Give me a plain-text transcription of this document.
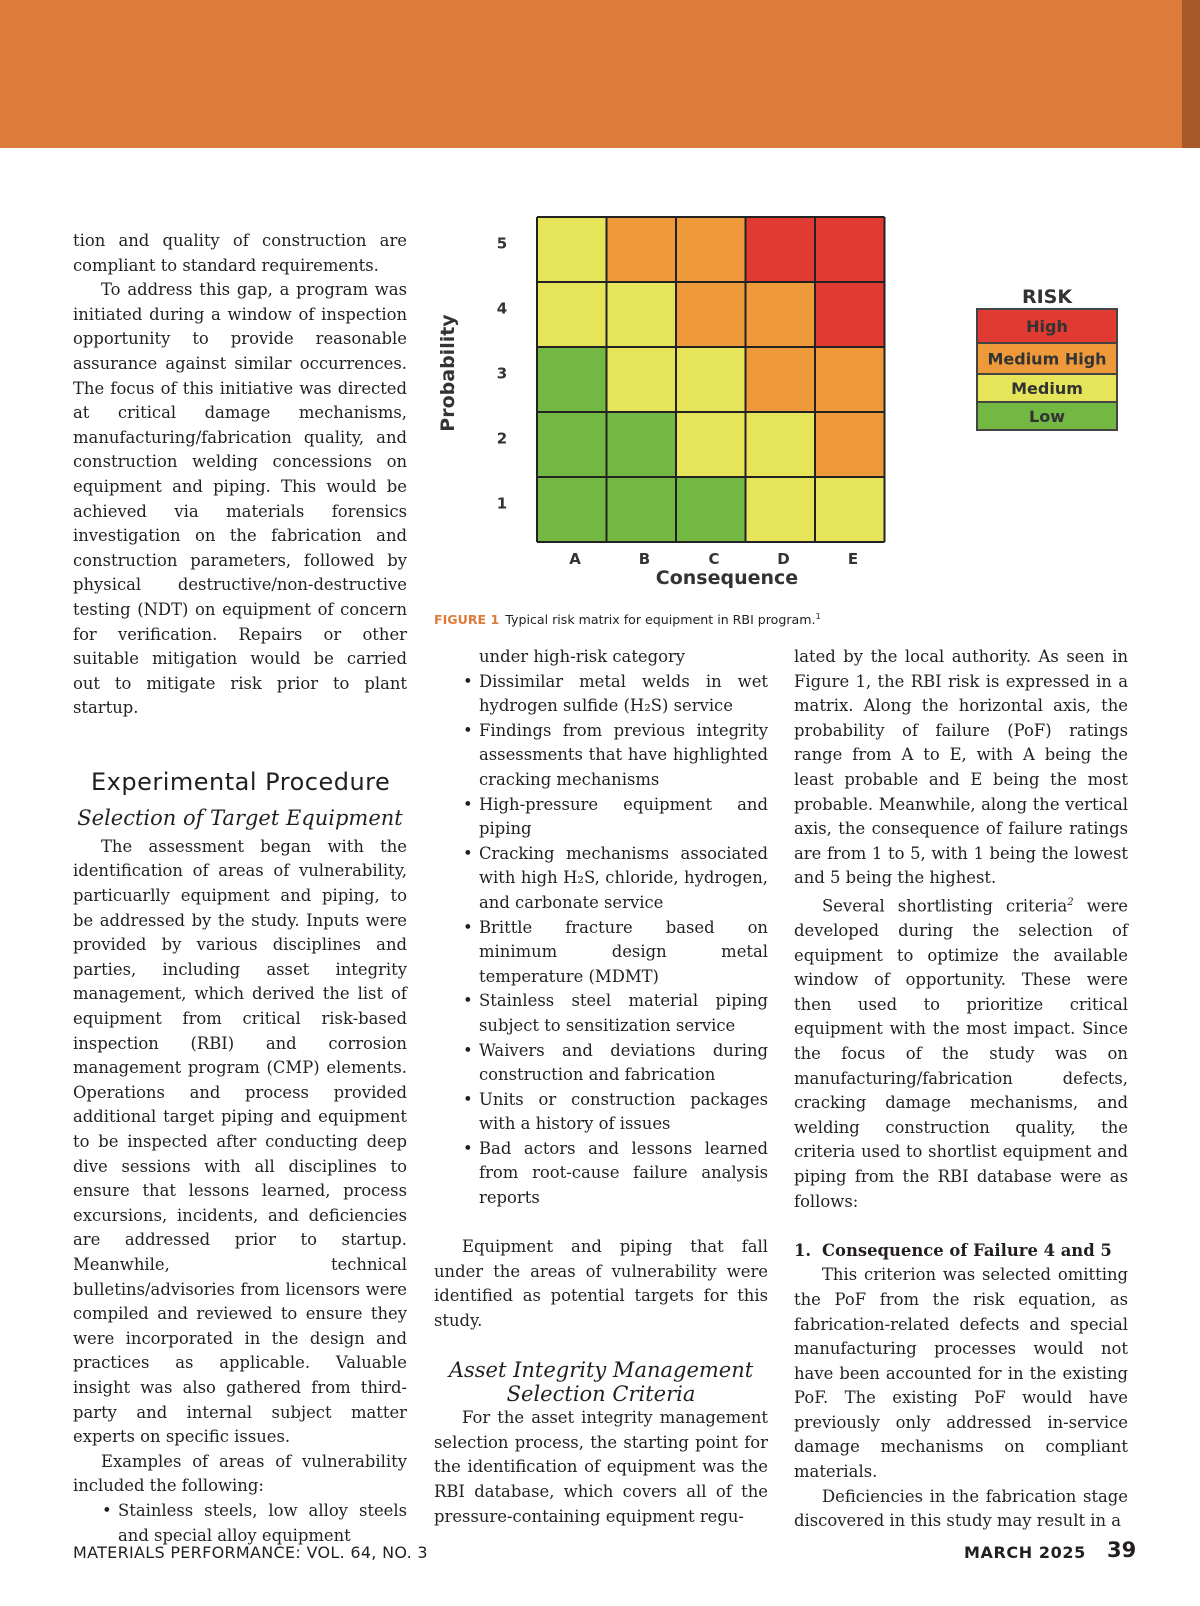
tion and quality of construction are compliant to standard requirements.

To address this gap, a program was initiated during a window of inspection opportunity to provide reasonable assurance against similar occurrences. The focus of this initiative was directed at critical damage mechanisms, manufacturing/fabrication quality, and construction welding concessions on equipment and piping. This would be achieved via materials forensics investigation on the fabrication and construction parameters, followed by physical destructive/non-destructive testing (NDT) on equipment of concern for verification. Repairs or other suitable mitigation would be carried out to mitigate risk prior to plant startup.

Experimental Procedure
Selection of Target Equipment

The assessment began with the identification of areas of vulnerability, particuarlly equipment and piping, to be addressed by the study. Inputs were provided by various disciplines and parties, including asset integrity management, which derived the list of equipment from critical risk-based inspection (RBI) and corrosion management program (CMP) elements. Operations and process provided additional target piping and equipment to be inspected after conducting deep dive sessions with all disciplines to ensure that lessons learned, process excursions, incidents, and deficiencies are addressed prior to startup. Meanwhile, technical bulletins/advisories from licensors were compiled and reviewed to ensure they were incorporated in the design and practices as applicable. Valuable insight was also gathered from third-party and internal subject matter experts on specific issues.

Examples of areas of vulnerability included the following:

• Stainless steels, low alloy steels and special alloy equipment
1
2
3
4
5
A	B	C	D	E
Probability
Consequence
RISK
High
Medium High
Medium
Low
FIGURE 1 Typical risk matrix for equipment in RBI program.$^1$
under high-risk category
• Dissimilar metal welds in wet hydrogen sulfide (H₂S) service
• Findings from previous integrity assessments that have highlighted cracking mechanisms
• High-pressure equipment and piping
• Cracking mechanisms associated with high H₂S, chloride, hydrogen, and carbonate service
• Brittle fracture based on minimum design metal temperature (MDMT)
• Stainless steel material piping subject to sensitization service
• Waivers and deviations during construction and fabrication
• Units or construction packages with a history of issues
• Bad actors and lessons learned from root-cause failure analysis reports

Equipment and piping that fall under the areas of vulnerability were identified as potential targets for this study.

Asset Integrity Management
Selection Criteria

For the asset integrity management selection process, the starting point for the identification of equipment was the RBI database, which covers all of the pressure-containing equipment regu-

lated by the local authority. As seen in Figure 1, the RBI risk is expressed in a matrix. Along the horizontal axis, the probability of failure (PoF) ratings range from A to E, with A being the least probable and E being the most probable. Meanwhile, along the vertical axis, the consequence of failure ratings are from 1 to 5, with 1 being the lowest and 5 being the highest.

Several shortlisting criteria$^2$ were developed during the selection of equipment to optimize the available window of opportunity. These were then used to prioritize critical equipment with the most impact. Since the focus of the study was on manufacturing/fabrication defects, cracking damage mechanisms, and welding construction quality, the criteria used to shortlist equipment and piping from the RBI database were as follows:

1. Consequence of Failure 4 and 5

This criterion was selected omitting the PoF from the risk equation, as fabrication-related defects and special manufacturing processes would not have been accounted for in the existing PoF. The existing PoF would have previously only addressed in-service damage mechanisms on compliant materials.

Deficiencies in the fabrication stage discovered in this study may result in a

MATERIALS PERFORMANCE: VOL. 64, NO. 3	MARCH 2025 39
